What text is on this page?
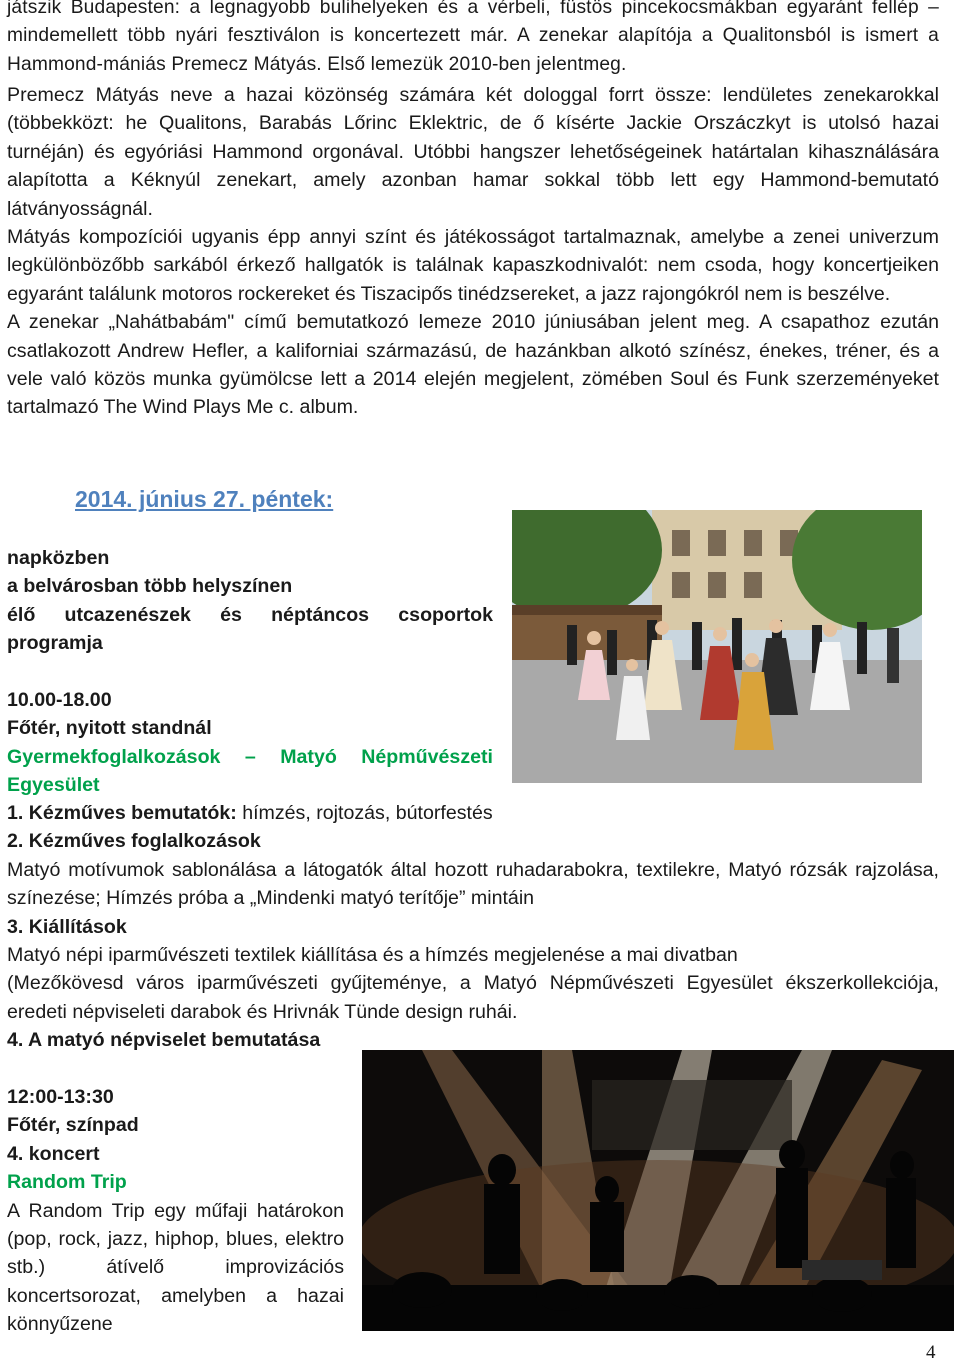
játszik Budapesten: a legnagyobb bulihelyeken és a vérbeli, füstös pincekocsmákban egyaránt fellép – mindemellett több nyári fesztiválon is koncertezett már. A zenekar alapítója a Qualitonsból is ismert a Hammond-mániás Premecz Mátyás. Első lemezük 2010-ben jelentmeg.

Premecz Mátyás neve a hazai közönség számára két dologgal forrt össze: lendületes zenekarokkal (többekközt: he Qualitons, Barabás Lőrinc Eklektric, de ő kísérte Jackie Orszáczkyt is utolsó hazai turnéján) és egyóriási Hammond orgonával. Utóbbi hangszer lehetőségeinek határtalan kihasználására alapította a Kéknyúl zenekart, amely azonban hamar sokkal több lett egy Hammond-bemutató látványosságnál.

Mátyás kompozíciói ugyanis épp annyi színt és játékosságot tartalmaznak, amelybe a zenei univerzum legkülönbözőbb sarkából érkező hallgatók is találnak kapaszkodnivalót: nem csoda, hogy koncertjeiken egyaránt találunk motoros rockereket és Tiszacipős tinédzsereket, a jazz rajongókról nem is beszélve.

A zenekar „Nahátbabám" című bemutatkozó lemeze 2010 júniusában jelent meg. A csapathoz ezután csatlakozott Andrew Hefler, a kaliforniai származású, de hazánkban alkotó színész, énekes, tréner, és a vele való közös munka gyümölcse lett a 2014 elején megjelent, zömében Soul és Funk szerzeményeket tartalmazó The Wind Plays Me c. album.

2014. június 27. péntek:
napközben
a belvárosban több helyszínen
élő utcazenészek és néptáncos csoportok programja

10.00-18.00
Főtér, nyitott standnál
Gyermekfoglalkozások – Matyó Népművészeti Egyesület
1. Kézműves bemutatók: hímzés, rojtozás, bútorfestés
2. Kézműves foglalkozások
Matyó motívumok sablonálása a látogatók által hozott ruhadarabokra, textilekre, Matyó rózsák rajzolása, színezése; Hímzés próba a „Mindenki matyó terítője” mintáin
3. Kiállítások
Matyó népi iparművészeti textilek kiállítása és a hímzés megjelenése a mai divatban
(Mezőkövesd város iparművészeti gyűjteménye, a Matyó Népművészeti Egyesület ékszerkollekciója, eredeti népviseleti darabok és Hrivnák Tünde design ruhái.
4. A matyó népviselet bemutatása
12:00-13:30
Főtér, színpad
4. koncert
Random Trip
A Random Trip egy műfaji határokon (pop, rock, jazz, hiphop, blues, elektro stb.) átívelő improvizációs koncertsorozat, amelyben a hazai könnyűzene
4
